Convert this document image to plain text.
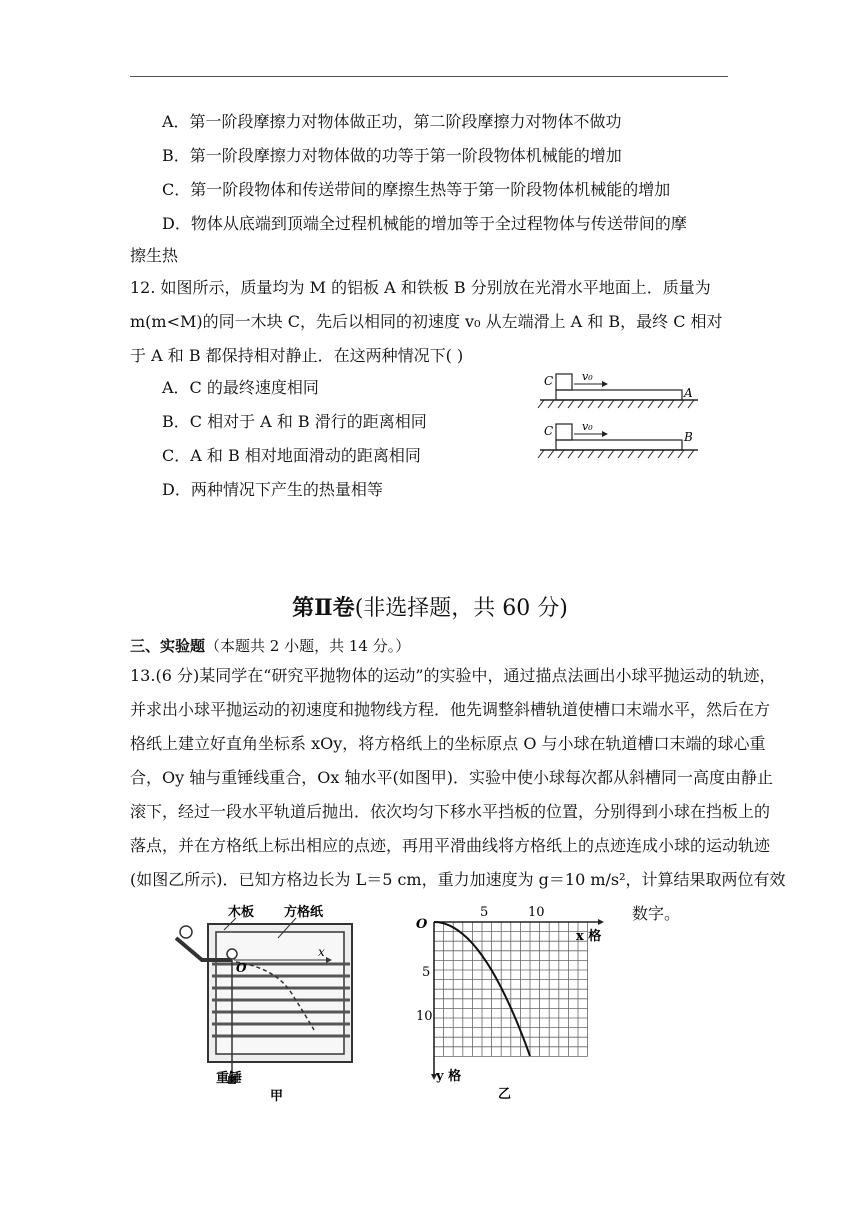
A．第一阶段摩擦力对物体做正功，第二阶段摩擦力对物体不做功
B．第一阶段摩擦力对物体做的功等于第一阶段物体机械能的增加
C．第一阶段物体和传送带间的摩擦生热等于第一阶段物体机械能的增加
D．物体从底端到顶端全过程机械能的增加等于全过程物体与传送带间的摩
擦生热
12. 如图所示，质量均为 M 的铝板 A 和铁板 B 分别放在光滑水平地面上．质量为
m(m<M)的同一木块 C，先后以相同的初速度 v₀ 从左端滑上 A 和 B，最终 C 相对
于 A 和 B 都保持相对静止．在这两种情况下( )
A．C 的最终速度相同
B．C 相对于 A 和 B 滑行的距离相同
C．A 和 B 相对地面滑动的距离相同
D．两种情况下产生的热量相等
C	v₀
A
C	v₀
B
第Ⅱ卷(非选择题，共 60 分)
三、实验题（本题共 2 小题，共 14 分。）
13.(6 分)某同学在“研究平抛物体的运动”的实验中，通过描点法画出小球平抛运动的轨迹，
并求出小球平抛运动的初速度和抛物线方程．他先调整斜槽轨道使槽口末端水平，然后在方
格纸上建立好直角坐标系 xOy，将方格纸上的坐标原点 O 与小球在轨道槽口末端的球心重
合，Oy 轴与重锤线重合，Ox 轴水平(如图甲)．实验中使小球每次都从斜槽同一高度由静止
滚下，经过一段水平轨道后抛出．依次均匀下移水平挡板的位置，分别得到小球在挡板上的
落点，并在方格纸上标出相应的点迹，再用平滑曲线将方格纸上的点迹连成小球的运动轨迹
(如图乙所示)．已知方格边长为 L＝5 cm，重力加速度为 g＝10 m/s²，计算结果取两位有效
数字。
木板 方格纸
O
x
重锤
甲
O
5	10
x 格
5
10
y 格
乙
